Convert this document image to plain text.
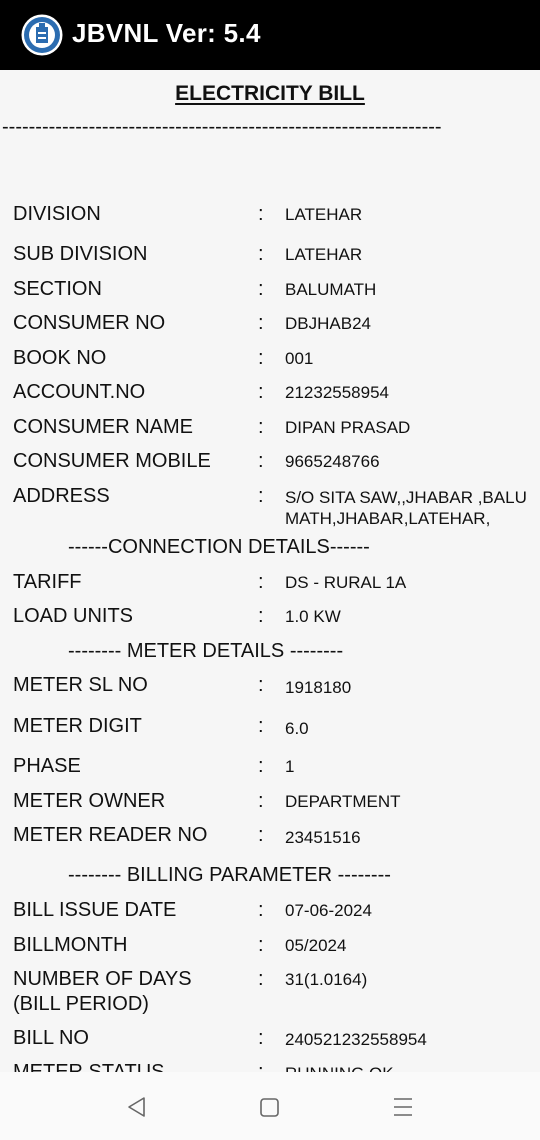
JBVNL Ver: 5.4
ELECTRICITY BILL
------------------------------------------------------------------
DIVISION	: LATEHAR
SUB DIVISION	: LATEHAR
SECTION	: BALUMATH
CONSUMER NO	: DBJHAB24
BOOK NO	: 001
ACCOUNT.NO	: 21232558954
CONSUMER NAME	: DIPAN PRASAD
CONSUMER MOBILE : 9665248766
ADDRESS	: S/O SITA SAW,,JHABAR ,BALUMATH,JHABAR,LATEHAR,
------CONNECTION DETAILS------
TARIFF	: DS - RURAL 1A
LOAD UNITS	: 1.0 KW
-------- METER DETAILS --------
METER SL NO	: 1918180
METER DIGIT	: 6.0
PHASE	: 1
METER OWNER	: DEPARTMENT
METER READER NO	: 23451516
-------- BILLING PARAMETER --------
BILL ISSUE DATE	: 07-06-2024
BILLMONTH	: 05/2024
NUMBER OF DAYS
(BILL PERIOD)
: 31(1.0164)
BILL NO	: 240521232558954
